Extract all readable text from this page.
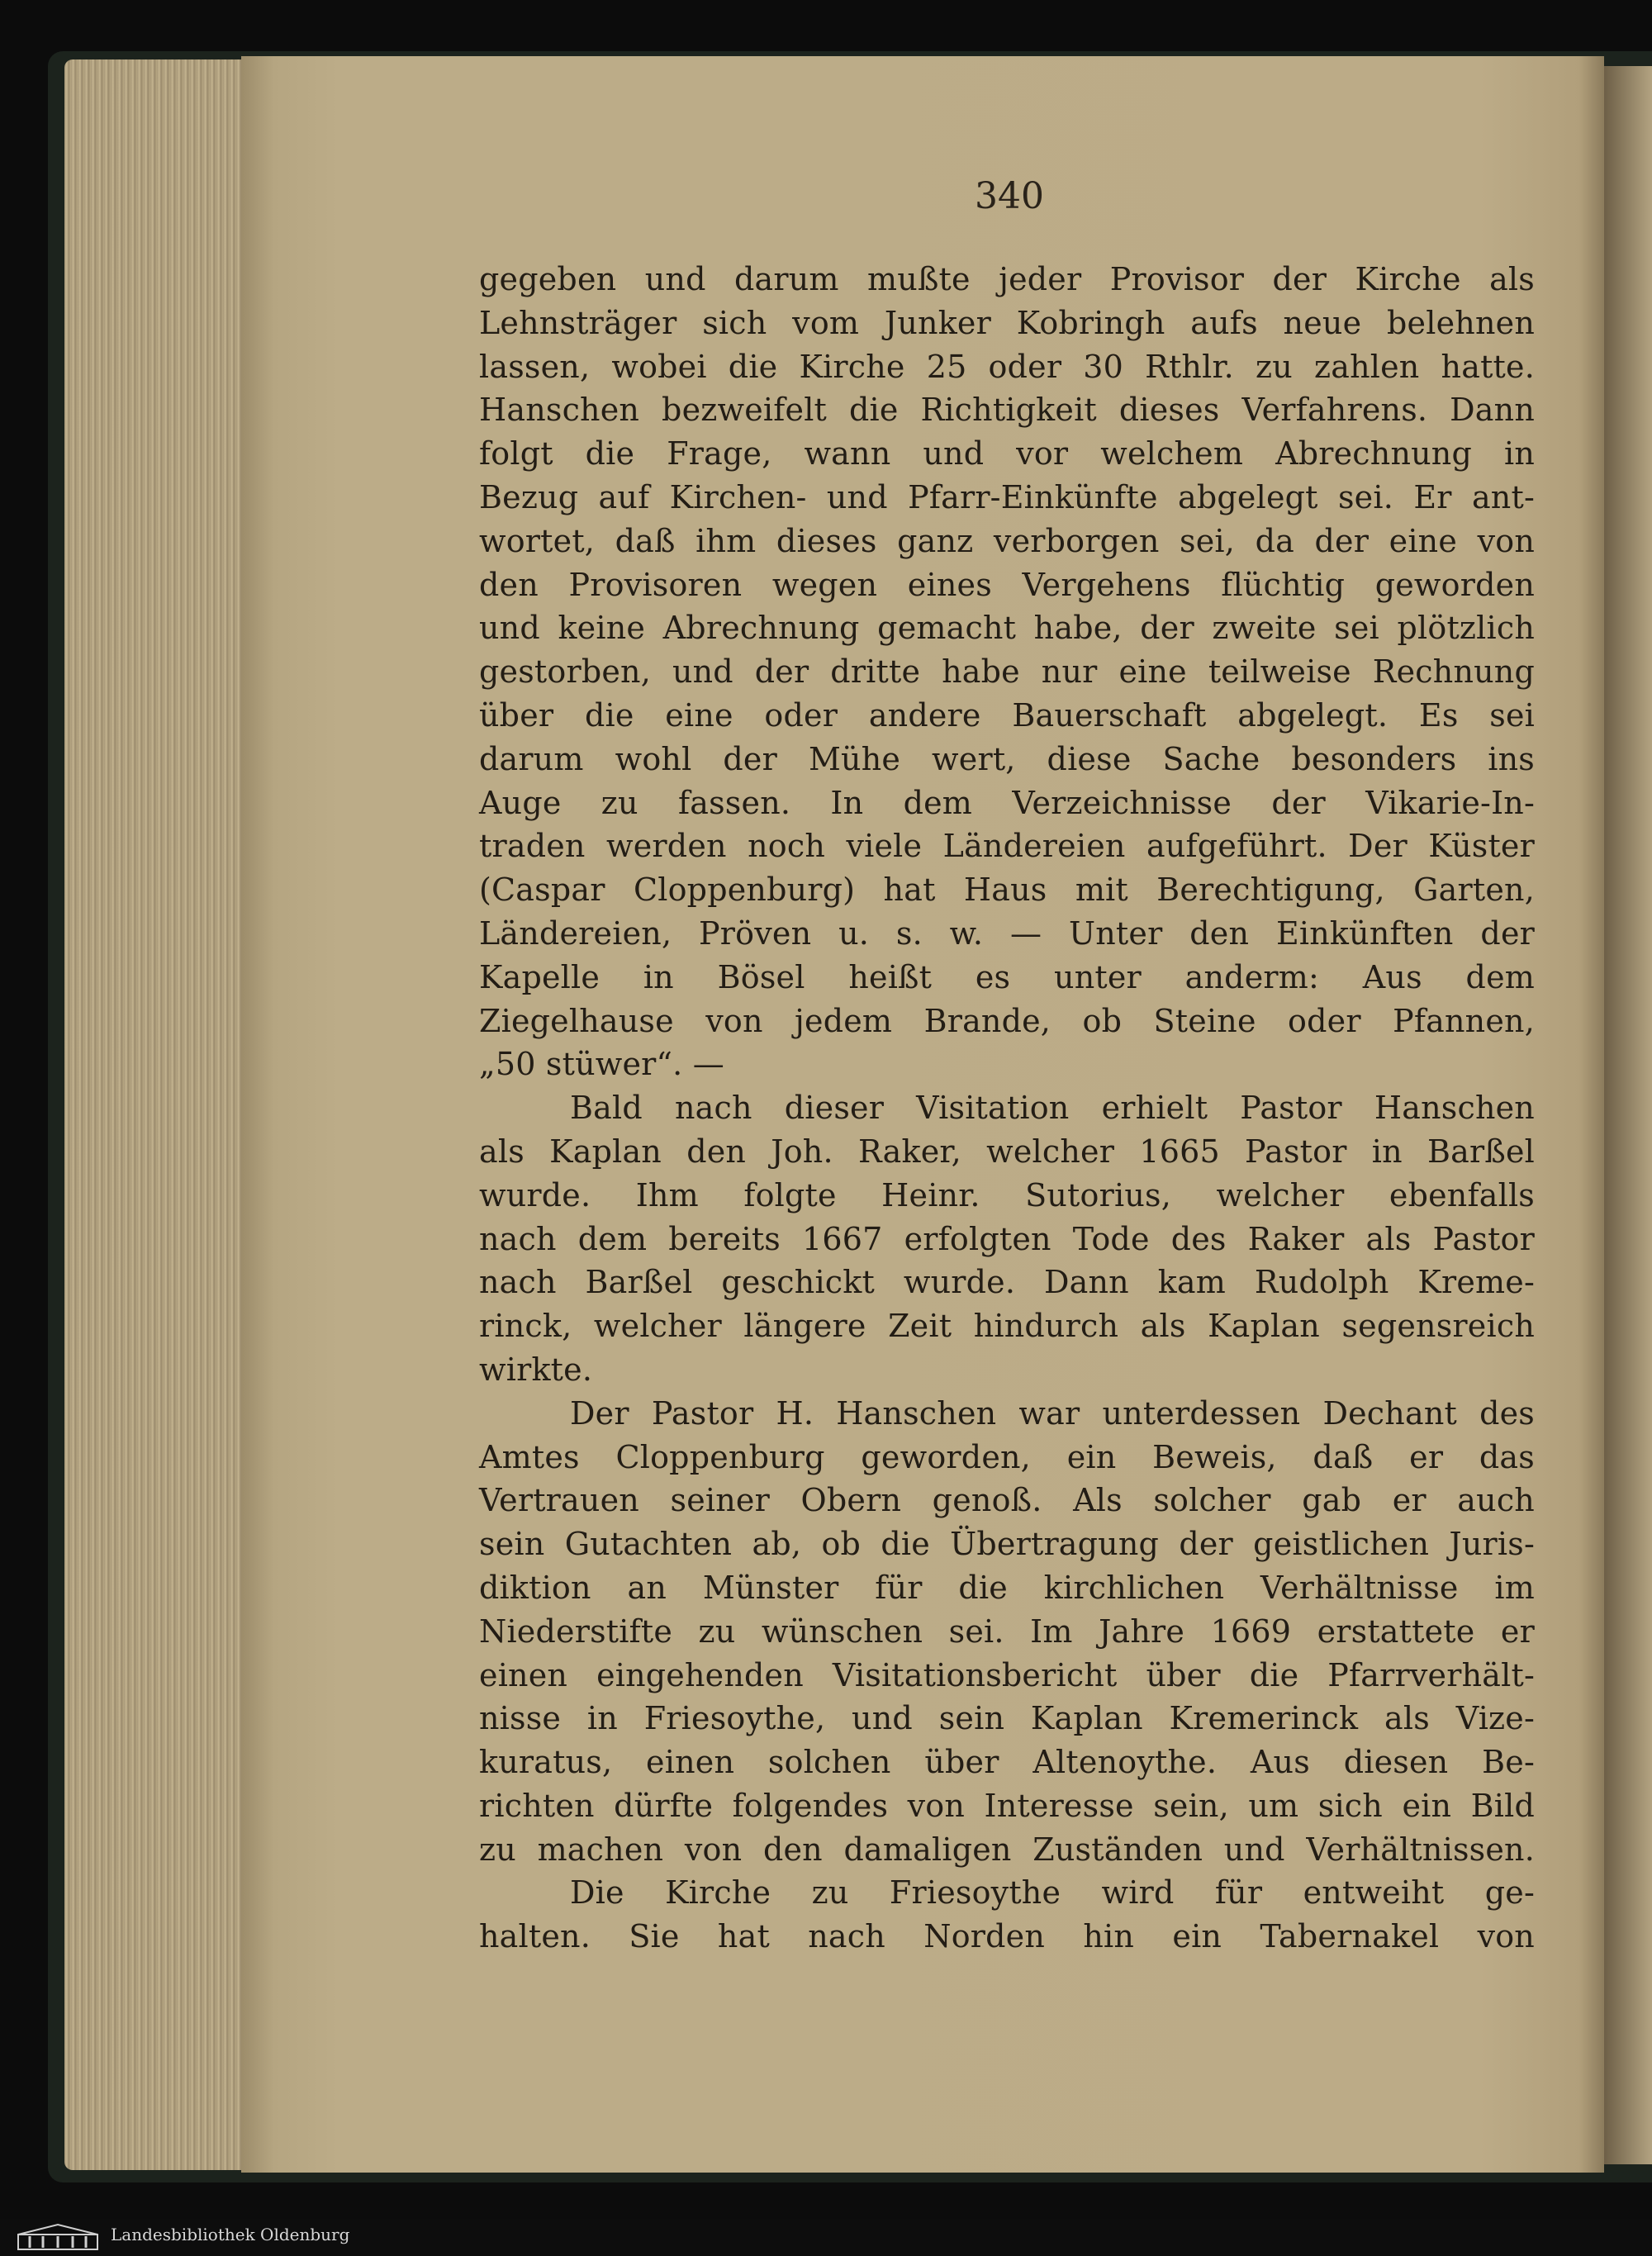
340
gegeben und darum mußte jeder Provisor der Kirche als
Lehnsträger sich vom Junker Kobringh aufs neue belehnen
lassen, wobei die Kirche 25 oder 30 Rthlr. zu zahlen hatte.
Hanschen bezweifelt die Richtigkeit dieses Verfahrens. Dann
folgt die Frage, wann und vor welchem Abrechnung in
Bezug auf Kirchen- und Pfarr-Einkünfte abgelegt sei. Er ant-
wortet, daß ihm dieses ganz verborgen sei, da der eine von
den Provisoren wegen eines Vergehens flüchtig geworden
und keine Abrechnung gemacht habe, der zweite sei plötzlich
gestorben, und der dritte habe nur eine teilweise Rechnung
über die eine oder andere Bauerschaft abgelegt. Es sei
darum wohl der Mühe wert, diese Sache besonders ins
Auge zu fassen. In dem Verzeichnisse der Vikarie-In-
traden werden noch viele Ländereien aufgeführt. Der Küster
(Caspar Cloppenburg) hat Haus mit Berechtigung, Garten,
Ländereien, Pröven u. s. w. — Unter den Einkünften der
Kapelle in Bösel heißt es unter anderm: Aus dem
Ziegelhause von jedem Brande, ob Steine oder Pfannen,
„50 stüwer“. —
Bald nach dieser Visitation erhielt Pastor Hanschen
als Kaplan den Joh. Raker, welcher 1665 Pastor in Barßel
wurde. Ihm folgte Heinr. Sutorius, welcher ebenfalls
nach dem bereits 1667 erfolgten Tode des Raker als Pastor
nach Barßel geschickt wurde. Dann kam Rudolph Kreme-
rinck, welcher längere Zeit hindurch als Kaplan segensreich
wirkte.
Der Pastor H. Hanschen war unterdessen Dechant des
Amtes Cloppenburg geworden, ein Beweis, daß er das
Vertrauen seiner Obern genoß. Als solcher gab er auch
sein Gutachten ab, ob die Übertragung der geistlichen Juris-
diktion an Münster für die kirchlichen Verhältnisse im
Niederstifte zu wünschen sei. Im Jahre 1669 erstattete er
einen eingehenden Visitationsbericht über die Pfarrverhält-
nisse in Friesoythe, und sein Kaplan Kremerinck als Vize-
kuratus, einen solchen über Altenoythe. Aus diesen Be-
richten dürfte folgendes von Interesse sein, um sich ein Bild
zu machen von den damaligen Zuständen und Verhältnissen.
Die Kirche zu Friesoythe wird für entweiht ge-
halten. Sie hat nach Norden hin ein Tabernakel von
Landesbibliothek Oldenburg
